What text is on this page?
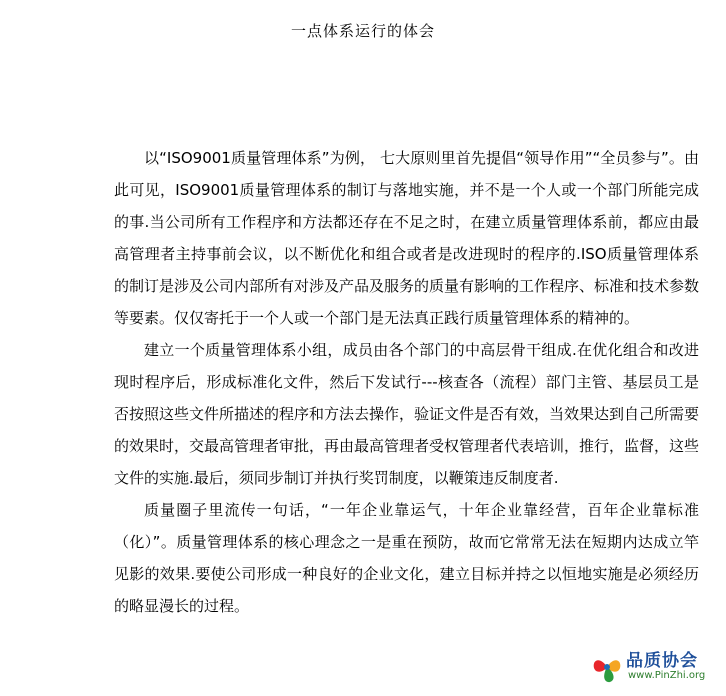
一点体系运行的体会

以“ISO9001质量管理体系”为例， 七大原则里首先提倡“领导作用”“全员参与”。由此可见，ISO9001质量管理体系的制订与落地实施，并不是一个人或一个部门所能完成的事.当公司所有工作程序和方法都还存在不足之时，在建立质量管理体系前，都应由最高管理者主持事前会议，以不断优化和组合或者是改进现时的程序的.ISO质量管理体系的制订是涉及公司内部所有对涉及产品及服务的质量有影响的工作程序、标准和技术参数等要素。仅仅寄托于一个人或一个部门是无法真正践行质量管理体系的精神的。

建立一个质量管理体系小组，成员由各个部门的中高层骨干组成.在优化组合和改进现时程序后，形成标准化文件，然后下发试行---核查各（流程）部门主管、基层员工是否按照这些文件所描述的程序和方法去操作，验证文件是否有效，当效果达到自己所需要的效果时，交最高管理者审批，再由最高管理者受权管理者代表培训，推行，监督，这些文件的实施.最后，须同步制订并执行奖罚制度，以鞭策违反制度者.

质量圈子里流传一句话，“一年企业靠运气，十年企业靠经营，百年企业靠标准（化）”。质量管理体系的核心理念之一是重在预防，故而它常常无法在短期内达成立竿见影的效果.要使公司形成一种良好的企业文化，建立目标并持之以恒地实施是必须经历的略显漫长的过程。

品质协会
www.PinZhi.org
